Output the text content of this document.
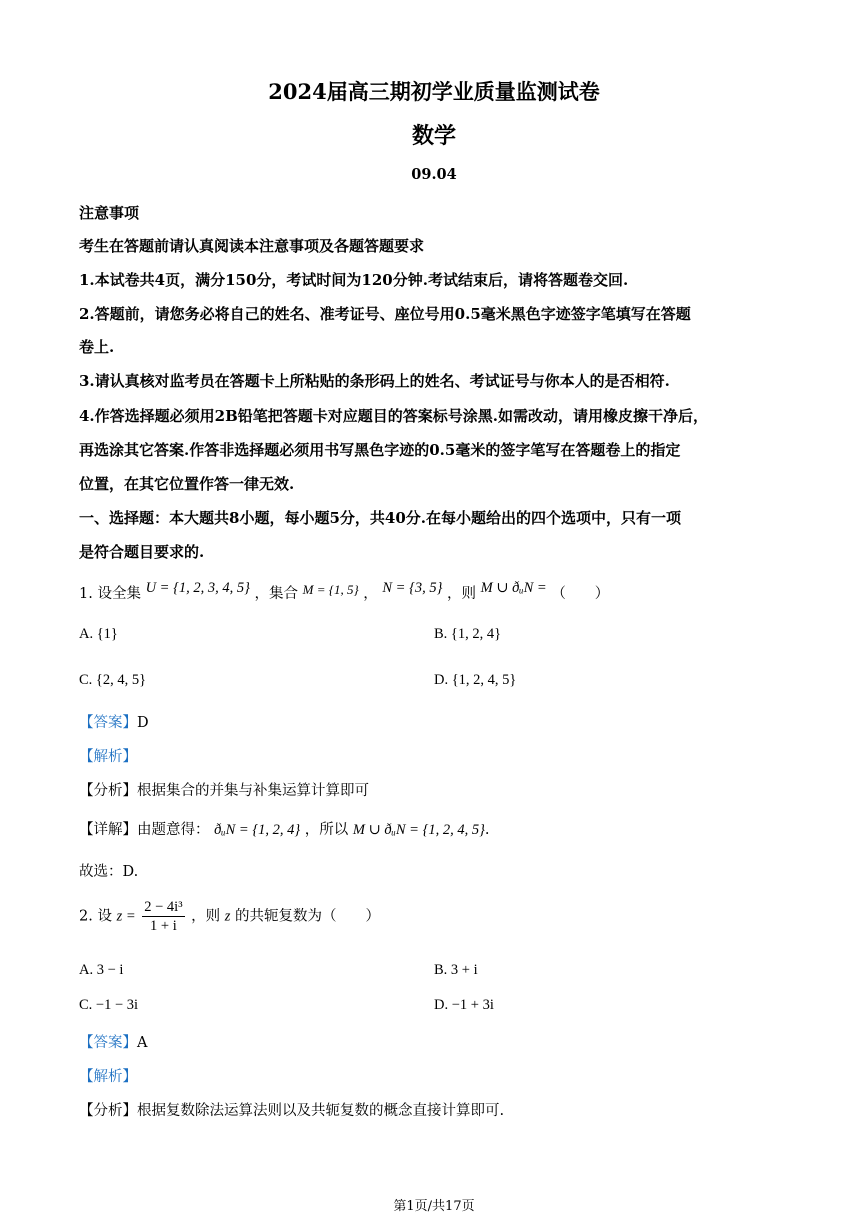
2024届高三期初学业质量监测试卷
数学
09.04
注意事项
考生在答题前请认真阅读本注意事项及各题答题要求
1.本试卷共4页，满分150分，考试时间为120分钟.考试结束后，请将答题卷交回.
2.答题前，请您务必将自己的姓名、准考证号、座位号用0.5毫米黑色字迹签字笔填写在答题
卷上.
3.请认真核对监考员在答题卡上所粘贴的条形码上的姓名、考试证号与你本人的是否相符.
4.作答选择题必须用2B铅笔把答题卡对应题目的答案标号涂黑.如需改动，请用橡皮擦干净后，
再选涂其它答案.作答非选择题必须用书写黑色字迹的0.5毫米的签字笔写在答题卷上的指定
位置，在其它位置作答一律无效.
一、选择题：本大题共8小题，每小题5分，共40分.在每小题给出的四个选项中，只有一项
是符合题目要求的.
1. 设全集 U = {1, 2, 3, 4, 5} ，集合 M = {1, 5} ， N = {3, 5} ，则 M ∪ ðᵤN = （　　）
A. {1}	B. {1, 2, 4}
C. {2, 4, 5}	D. {1, 2, 4, 5}
【答案】D
【解析】
【分析】根据集合的并集与补集运算计算即可
【详解】由题意得： ðᵤN = {1, 2, 4} ，所以 M ∪ ðᵤN = {1, 2, 4, 5}.
故选：D.
2. 设 $z = \frac{\text{2 − 4i³}}{1 + i}$ ，则 z 的共轭复数为（　　）
A. 3 − i	B. 3 + i
C. −1 − 3i	D. −1 + 3i
【答案】A
【解析】
【分析】根据复数除法运算法则以及共轭复数的概念直接计算即可.
第1页/共17页
